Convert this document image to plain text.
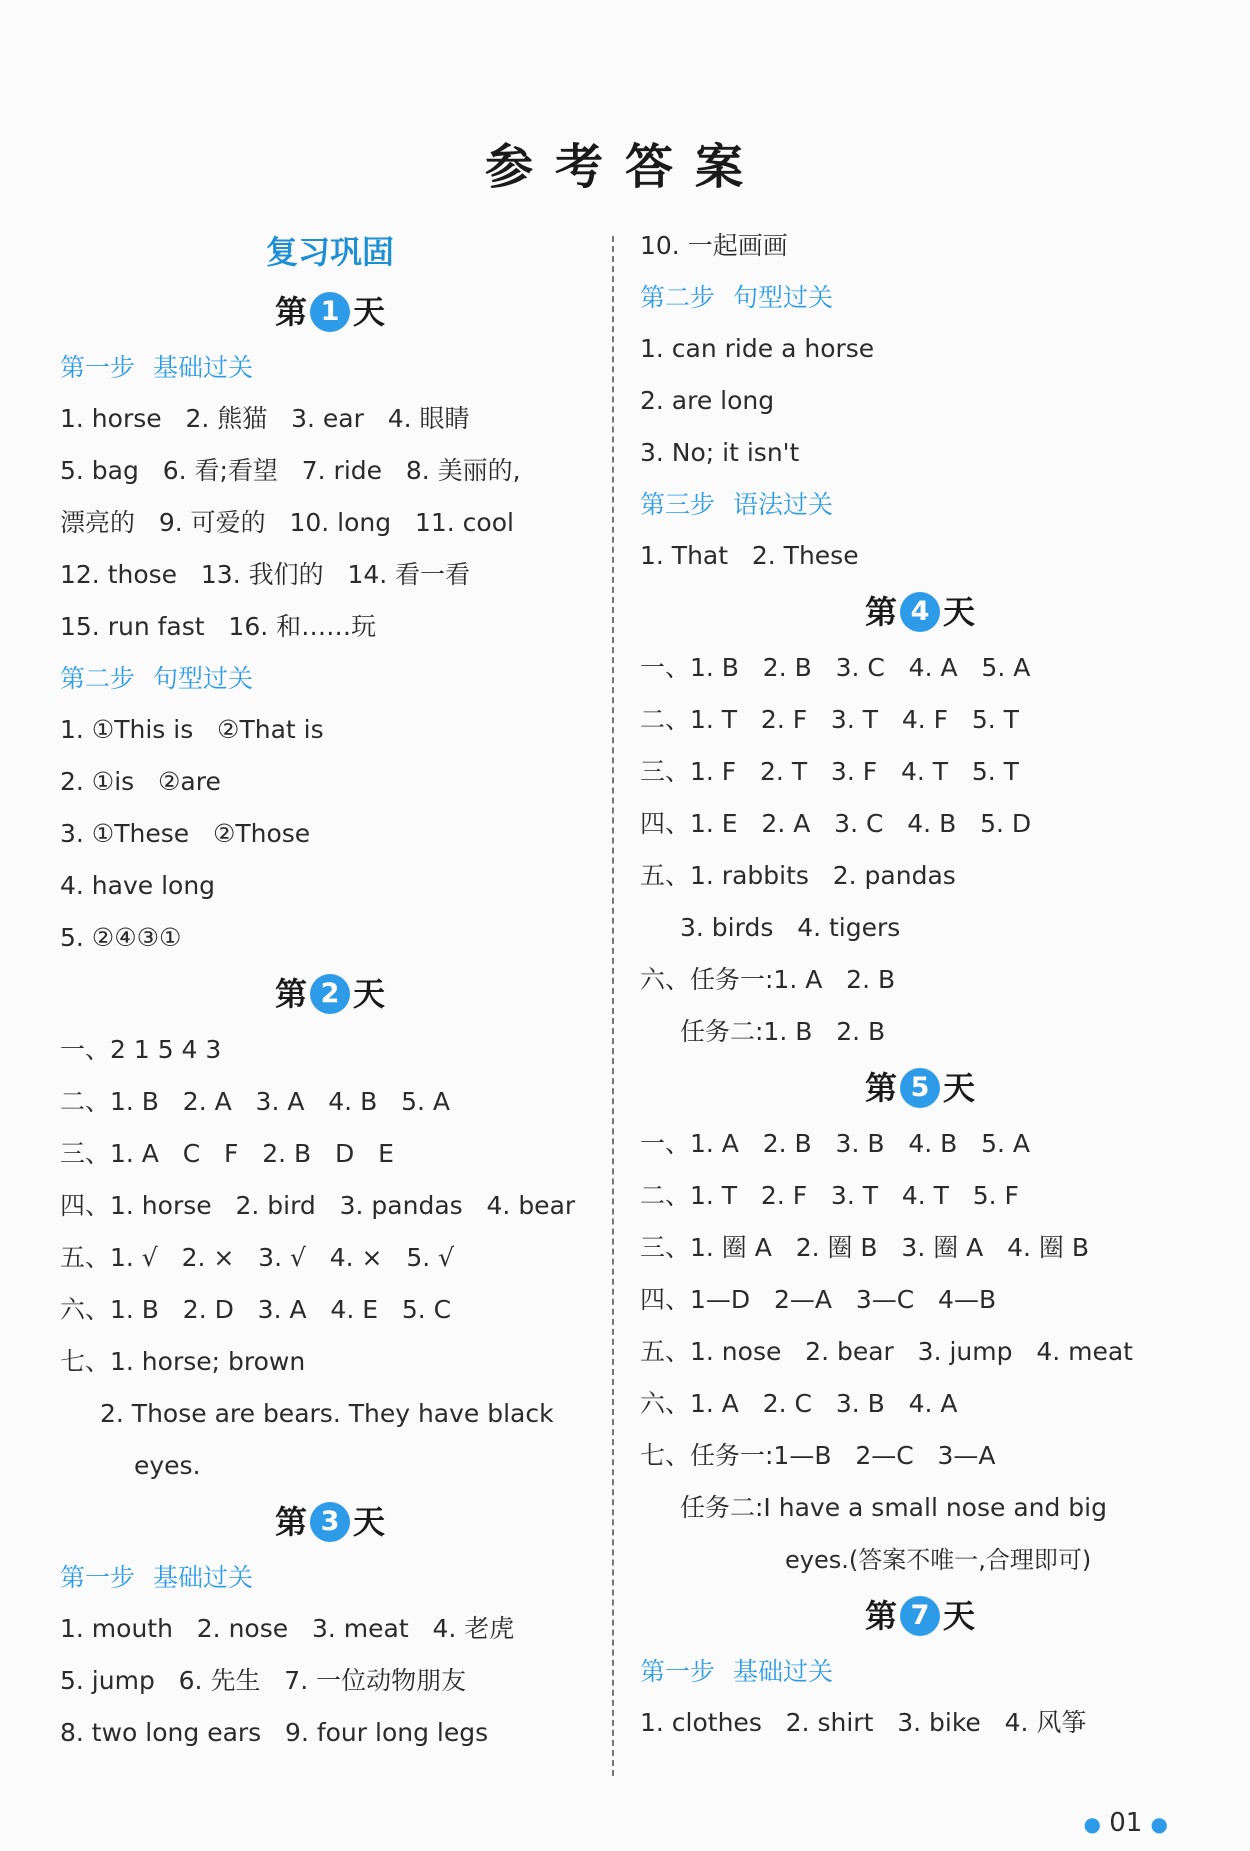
参考答案
复习巩固
第 1 天
第一步 基础过关
1. horse   2. 熊猫   3. ear   4. 眼睛
5. bag   6. 看;看望   7. ride   8. 美丽的,
漂亮的   9. 可爱的   10. long   11. cool
12. those   13. 我们的   14. 看一看
15. run fast   16. 和……玩
第二步 句型过关
1. ①This is   ②That is
2. ①is   ②are
3. ①These   ②Those
4. have long
5. ②④③①
第 2 天
一、2 1 5 4 3
二、1. B   2. A   3. A   4. B   5. A
三、1. A   C   F   2. B   D   E
四、1. horse   2. bird   3. pandas   4. bear
五、1. √   2. ×   3. √   4. ×   5. √
六、1. B   2. D   3. A   4. E   5. C
七、1. horse; brown
2. Those are bears. They have black
eyes.
第 3 天
第一步 基础过关
1. mouth   2. nose   3. meat   4. 老虎
5. jump   6. 先生   7. 一位动物朋友
8. two long ears   9. four long legs
10. 一起画画
第二步 句型过关
1. can ride a horse
2. are long
3. No; it isn't
第三步 语法过关
1. That   2. These
第 4 天
一、1. B   2. B   3. C   4. A   5. A
二、1. T   2. F   3. T   4. F   5. T
三、1. F   2. T   3. F   4. T   5. T
四、1. E   2. A   3. C   4. B   5. D
五、1. rabbits   2. pandas
3. birds   4. tigers
六、任务一:1. A   2. B
任务二:1. B   2. B
第 5 天
一、1. A   2. B   3. B   4. B   5. A
二、1. T   2. F   3. T   4. T   5. F
三、1. 圈 A   2. 圈 B   3. 圈 A   4. 圈 B
四、1—D   2—A   3—C   4—B
五、1. nose   2. bear   3. jump   4. meat
六、1. A   2. C   3. B   4. A
七、任务一:1—B   2—C   3—A
任务二:I have a small nose and big
eyes.(答案不唯一,合理即可)
第 7 天
第一步 基础过关
1. clothes   2. shirt   3. bike   4. 风筝
● 01 ●
